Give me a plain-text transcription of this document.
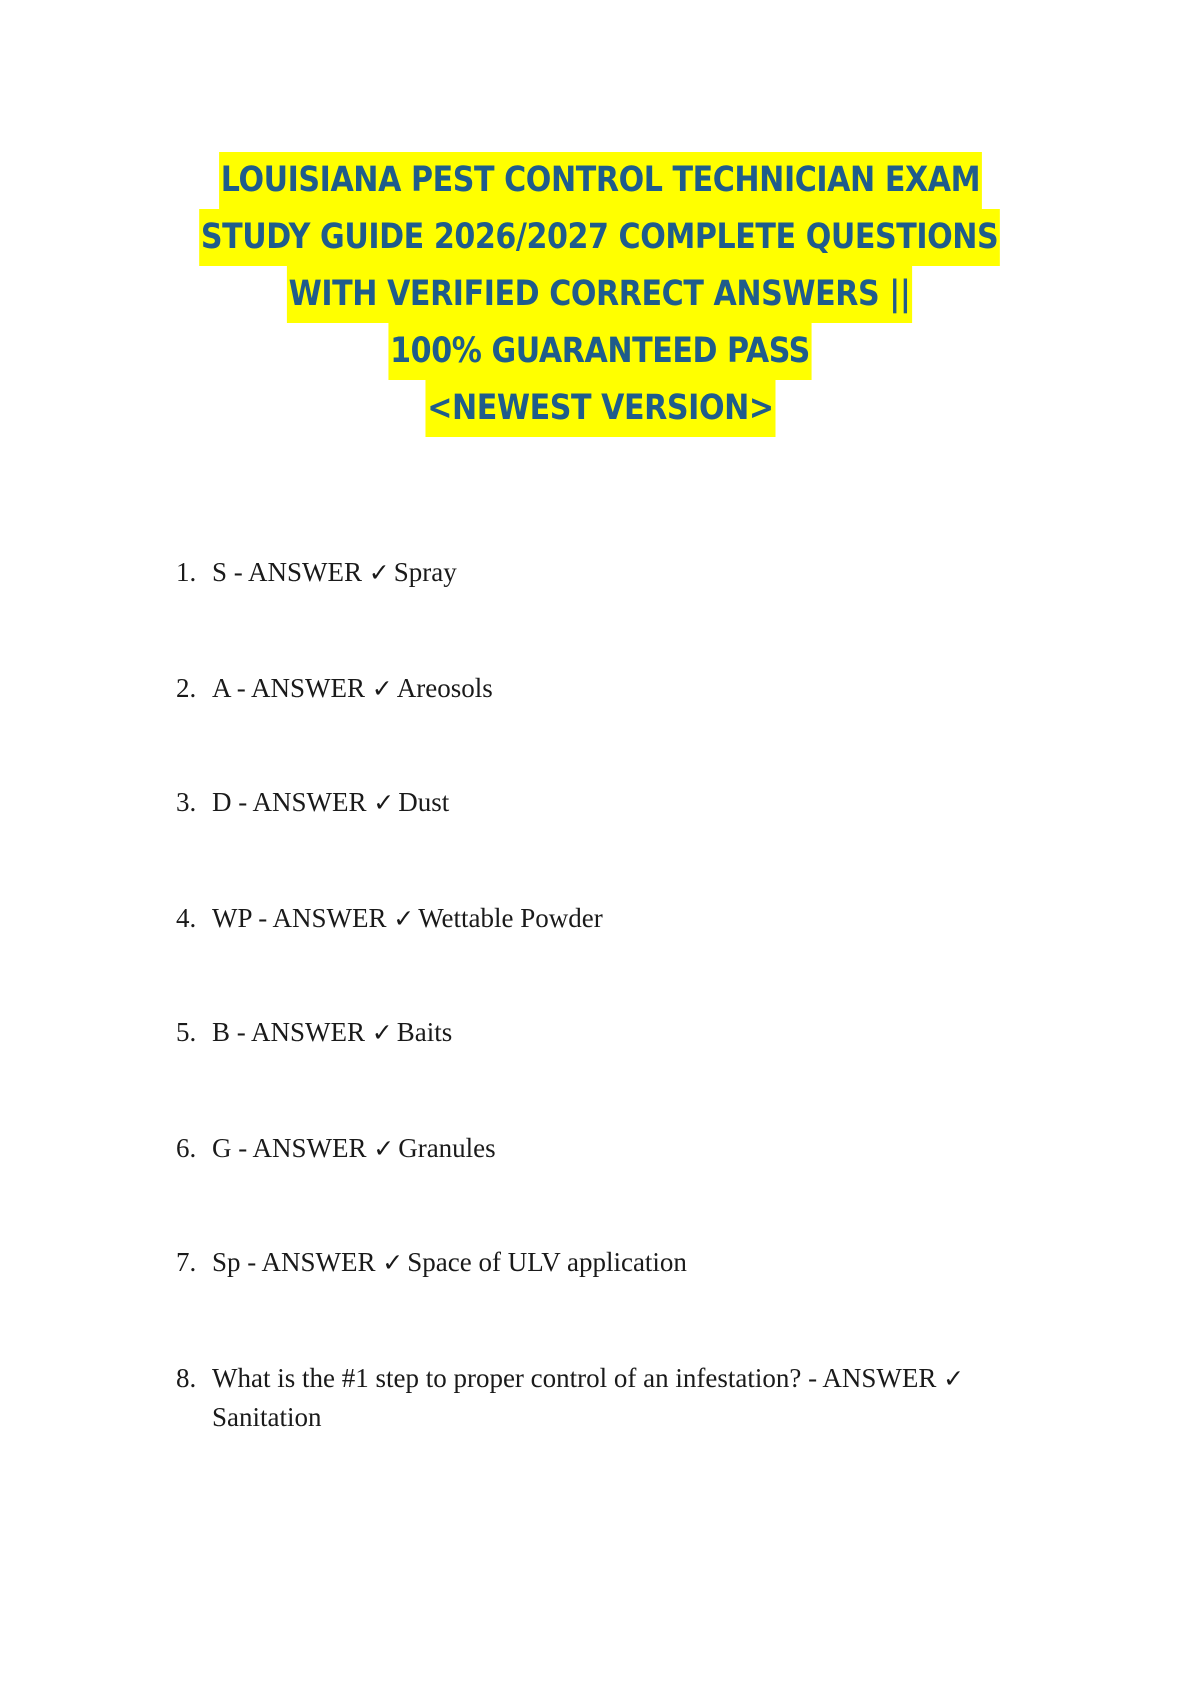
LOUISIANA PEST CONTROL TECHNICIAN EXAM
STUDY GUIDE 2026/2027 COMPLETE QUESTIONS
WITH VERIFIED CORRECT ANSWERS ||
100% GUARANTEED PASS
<NEWEST VERSION>
1. S - ANSWER ✓ Spray
2. A - ANSWER ✓ Areosols
3. D - ANSWER ✓ Dust
4. WP - ANSWER ✓ Wettable Powder
5. B - ANSWER ✓ Baits
6. G - ANSWER ✓ Granules
7. Sp - ANSWER ✓ Space of ULV application
8. What is the #1 step to proper control of an infestation? - ANSWER ✓
Sanitation
